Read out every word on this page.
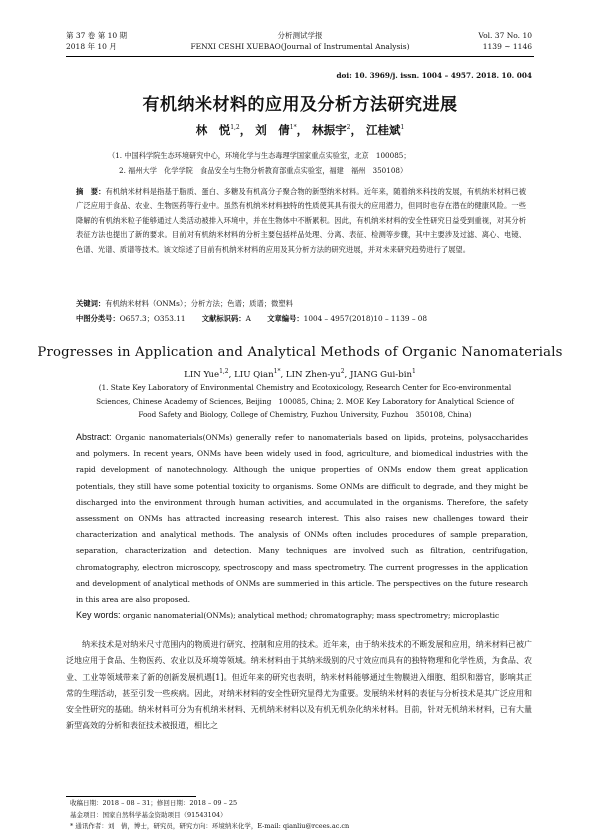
第 37 卷 第 10 期
2018 年 10 月
分析测试学报
FENXI CESHI XUEBAO(Journal of Instrumental Analysis)
Vol. 37 No. 10
1139 ~ 1146
doi: 10. 3969/j. issn. 1004 – 4957. 2018. 10. 004
有机纳米材料的应用及分析方法研究进展
林　悦$^{1,2}$， 刘　倩$^{1*}$， 林振宇$^2$， 江桂斌$^1$
（1. 中国科学院生态环境研究中心，环境化学与生态毒理学国家重点实验室，北京　100085；
2. 福州大学　化学学院　食品安全与生物分析教育部重点实验室，福建　福州　350108）
摘　要：有机纳米材料是指基于脂质、蛋白、多糖及有机高分子聚合物的新型纳米材料。近年来，随着纳米科技的发展，有机纳米材料已被广泛应用于食品、农业、生物医药等行业中。虽然有机纳米材料独特的性质使其具有很大的应用潜力，但同时也存在潜在的健康风险。一些降解的有机纳米粒子能够通过人类活动被排入环境中，并在生物体中不断累积。因此，有机纳米材料的安全性研究日益受到重视，对其分析表征方法也提出了新的要求。目前对有机纳米材料的分析主要包括样品处理、分离、表征、检测等步骤，其中主要涉及过滤、离心、电镜、色谱、光谱、质谱等技术。该文综述了目前有机纳米材料的应用及其分析方法的研究进展，并对未来研究趋势进行了展望。
关键词：有机纳米材料（ONMs）；分析方法；色谱；质谱；微塑料
中图分类号：O657.3；O353.11 文献标识码：A 文章编号：1004 – 4957(2018)10 – 1139 – 08
Progresses in Application and Analytical Methods of Organic Nanomaterials
LIN Yue$^{1,2}$, LIU Qian$^{1*}$, LIN Zhen-$yu^2$, JIANG Gui-bin$^1$
(1. State Key Laboratory of Environmental Chemistry and Ecotoxicology, Research Center for Eco-environmental Sciences, Chinese Academy of Sciences, Beijing　100085, China; 2. MOE Key Laboratory for Analytical Science of Food Safety and Biology, College of Chemistry, Fuzhou University, Fuzhou　350108, China)
Abstract: Organic nanomaterials(ONMs) generally refer to nanomaterials based on lipids, proteins, polysaccharides and polymers. In recent years, ONMs have been widely used in food, agriculture, and biomedical industries with the rapid development of nanotechnology. Although the unique properties of ONMs endow them great application potentials, they still have some potential toxicity to organisms. Some ONMs are difficult to degrade, and they might be discharged into the environment through human activities, and accumulated in the organisms. Therefore, the safety assessment on ONMs has attracted increasing research interest. This also raises new challenges toward their characterization and analytical methods. The analysis of ONMs often includes procedures of sample preparation, separation, characterization and detection. Many techniques are involved such as filtration, centrifugation, chromatography, electron microscopy, spectroscopy and mass spectrometry. The current progresses in the application and development of analytical methods of ONMs are summeried in this article. The perspectives on the future research in this area are also proposed.
Key words: organic nanomaterial(ONMs); analytical method; chromatography; mass spectrometry; microplastic
纳米技术是对纳米尺寸范围内的物质进行研究、控制和应用的技术。近年来，由于纳米技术的不断发展和应用，纳米材料已被广泛地应用于食品、生物医药、农业以及环境等领域。纳米材料由于其纳米级别的尺寸效应而具有的独特物理和化学性质，为食品、农业、工业等领域带来了新的创新发展机遇[1]。但近年来的研究也表明，纳米材料能够通过生物膜进入细胞、组织和器官，影响其正常的生理活动，甚至引发一些疾病。因此，对纳米材料的安全性研究显得尤为重要。发展纳米材料的表征与分析技术是其广泛应用和安全性研究的基础。纳米材料可分为有机纳米材料、无机纳米材料以及有机无机杂化纳米材料。目前，针对无机纳米材料，已有大量新型高效的分析和表征技术被报道，相比之
收稿日期：2018 – 08 – 31；修回日期：2018 – 09 – 25
基金项目：国家自然科学基金资助项目（91543104）
* 通讯作者：刘　倩，博士，研究员，研究方向：环境纳米化学，E-mail: qianliu@rcees.ac.cn
